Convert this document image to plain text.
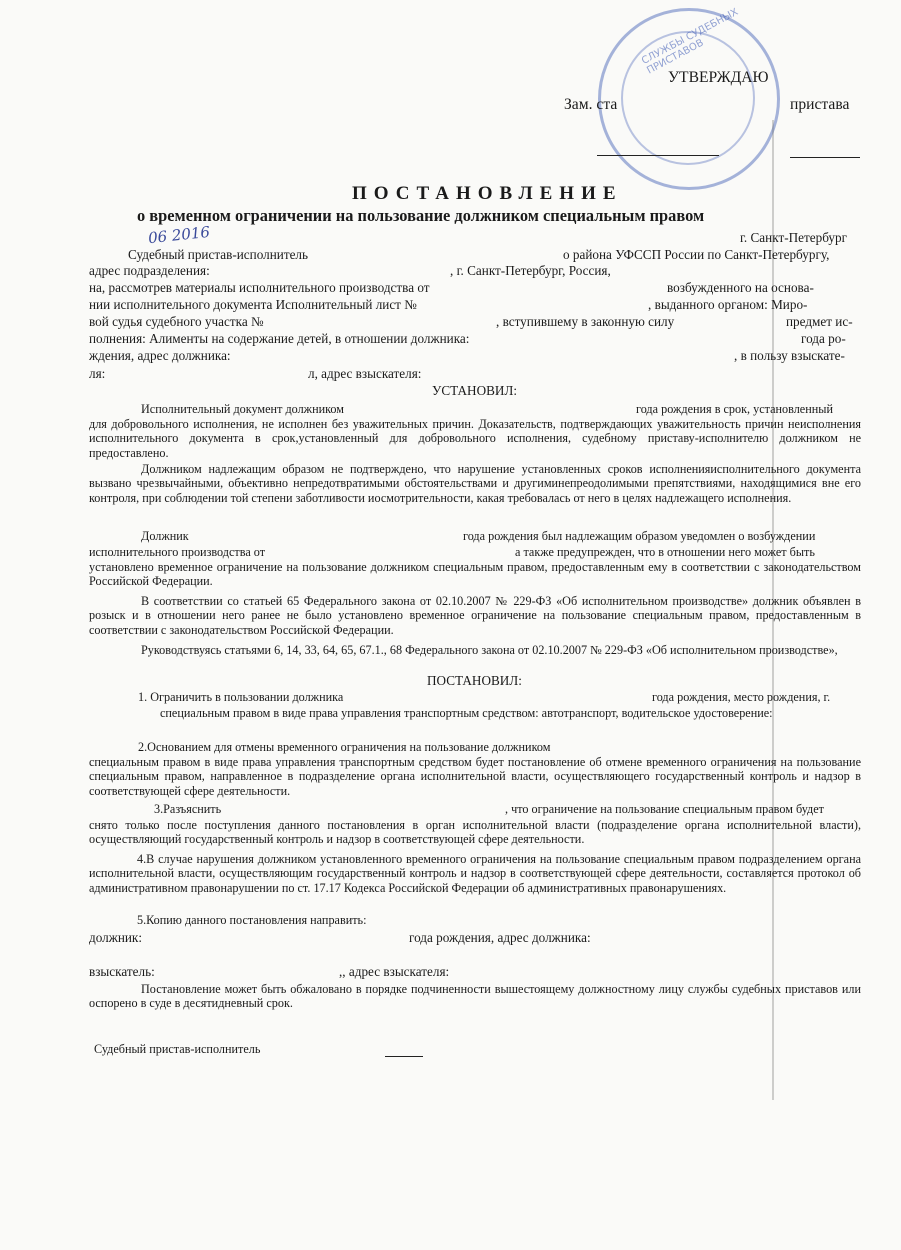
СЛУЖБЫ СУДЕБНЫХ ПРИСТАВОВ
УТВЕРЖДАЮ
Зам. ста	пристава
ПОСТАНОВЛЕНИЕ
о временном ограничении на пользование должником специальным правом
06 2016	г. Санкт-Петербург
Судебный пристав-исполнитель	о района УФССП России по Санкт-Петербургу,
адрес подразделения:	, г. Санкт-Петербург, Россия,
на, рассмотрев материалы исполнительного производства от	возбужденного на основа-
нии исполнительного документа Исполнительный лист №	, выданного органом: Миро-
вой судья судебного участка №	, вступившему в законную силу	предмет ис-
полнения: Алименты на содержание детей, в отношении должника:	года ро-
ждения, адрес должника:	, в пользу взыскате-
ля:	л, адрес взыскателя:
УСТАНОВИЛ:
Исполнительный документ должником	года рождения в срок, установленный
для добровольного исполнения, не исполнен без уважительных причин. Доказательств, подтверждающих уважительность причин неисполнения исполнительного документа в срок,установленный для добровольного исполнения, судебному приставу-исполнителю должником не предоставлено.
Должником надлежащим образом не подтверждено, что нарушение установленных сроков исполненияисполнительного документа вызвано чрезвычайными, объективно непредотвратимыми обстоятельствами и другиминепреодолимыми препятствиями, находящимися вне его контроля, при соблюдении той степени заботливости иосмотрительности, какая требовалась от него в целях надлежащего исполнения.
Должник	года рождения был надлежащим образом уведомлен о возбуждении
исполнительного производства от	а также предупрежден, что в отношении него может быть
установлено временное ограничение на пользование должником специальным правом, предоставленным ему в соответствии с законодательством Российской Федерации.
В соответствии со статьей 65 Федерального закона от 02.10.2007 № 229-ФЗ «Об исполнительном производстве» должник объявлен в розыск и в отношении него ранее не было установлено временное ограничение на пользование специальным правом, предоставленным в соответствии с законодательством Российской Федерации.
Руководствуясь статьями 6, 14, 33, 64, 65, 67.1., 68 Федерального закона от 02.10.2007 № 229-ФЗ «Об исполнительном производстве»,
ПОСТАНОВИЛ:
1. Ограничить в пользовании должника	года рождения, место рождения, г.
специальным правом в виде права управления транспортным средством: автотранспорт, водительское удостоверение:
2.Основанием для отмены временного ограничения на пользование должником
специальным правом в виде права управления транспортным средством будет постановление об отмене временного ограничения на пользование специальным правом, направленное в подразделение органа исполнительной власти, осуществляющего государственный контроль и надзор в соответствующей сфере деятельности.
3.Разъяснить	, что ограничение на пользование специальным правом будет
снято только после поступления данного постановления в орган исполнительной власти (подразделение органа исполнительной власти), осуществляющий государственный контроль и надзор в соответствующей сфере деятельности.
4.В случае нарушения должником установленного временного ограничения на пользование специальным правом подразделением органа исполнительной власти, осуществляющим государственный контроль и надзор в соответствующей сфере деятельности, составляется протокол об административном правонарушении по ст. 17.17 Кодекса Российской Федерации об административных правонарушениях.
5.Копию данного постановления направить:
должник:	года рождения, адрес должника:
взыскатель:	,, адрес взыскателя:
Постановление может быть обжаловано в порядке подчиненности вышестоящему должностному лицу службы судебных приставов или оспорено в суде в десятидневный срок.
Судебный пристав-исполнитель
